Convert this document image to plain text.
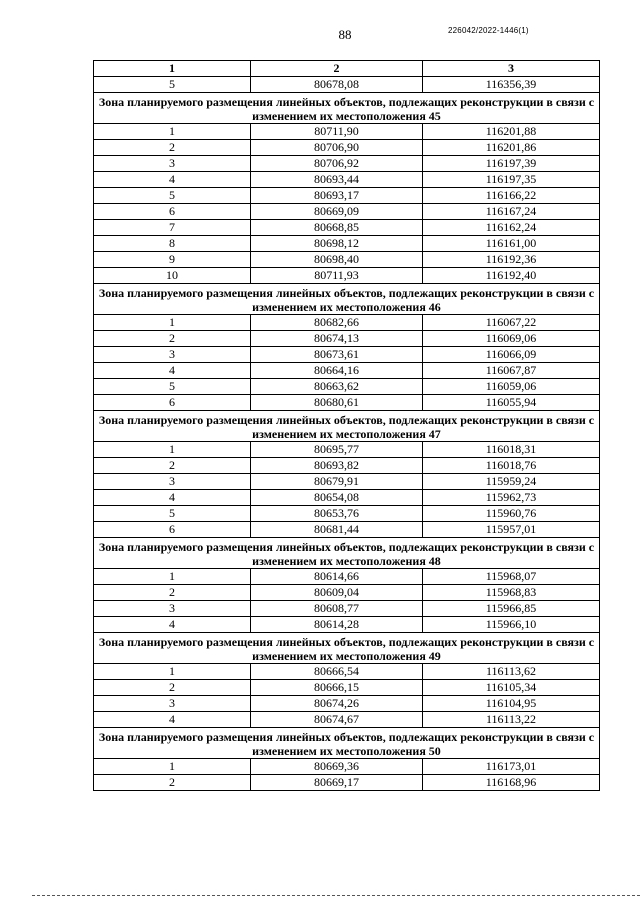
88	226042/2022-1446(1)
1	2	3
5	80678,08	116356,39
Зона планируемого размещения линейных объектов, подлежащих реконструкции в связи с изменением их местоположения 45		
1	80711,90	116201,88
2	80706,90	116201,86
3	80706,92	116197,39
4	80693,44	116197,35
5	80693,17	116166,22
6	80669,09	116167,24
7	80668,85	116162,24
8	80698,12	116161,00
9	80698,40	116192,36
10	80711,93	116192,40
Зона планируемого размещения линейных объектов, подлежащих реконструкции в связи с изменением их местоположения 46		
1	80682,66	116067,22
2	80674,13	116069,06
3	80673,61	116066,09
4	80664,16	116067,87
5	80663,62	116059,06
6	80680,61	116055,94
Зона планируемого размещения линейных объектов, подлежащих реконструкции в связи с изменением их местоположения 47		
1	80695,77	116018,31
2	80693,82	116018,76
3	80679,91	115959,24
4	80654,08	115962,73
5	80653,76	115960,76
6	80681,44	115957,01
Зона планируемого размещения линейных объектов, подлежащих реконструкции в связи с изменением их местоположения 48		
1	80614,66	115968,07
2	80609,04	115968,83
3	80608,77	115966,85
4	80614,28	115966,10
Зона планируемого размещения линейных объектов, подлежащих реконструкции в связи с изменением их местоположения 49		
1	80666,54	116113,62
2	80666,15	116105,34
3	80674,26	116104,95
4	80674,67	116113,22
Зона планируемого размещения линейных объектов, подлежащих реконструкции в связи с изменением их местоположения 50		
1	80669,36	116173,01
2	80669,17	116168,96
